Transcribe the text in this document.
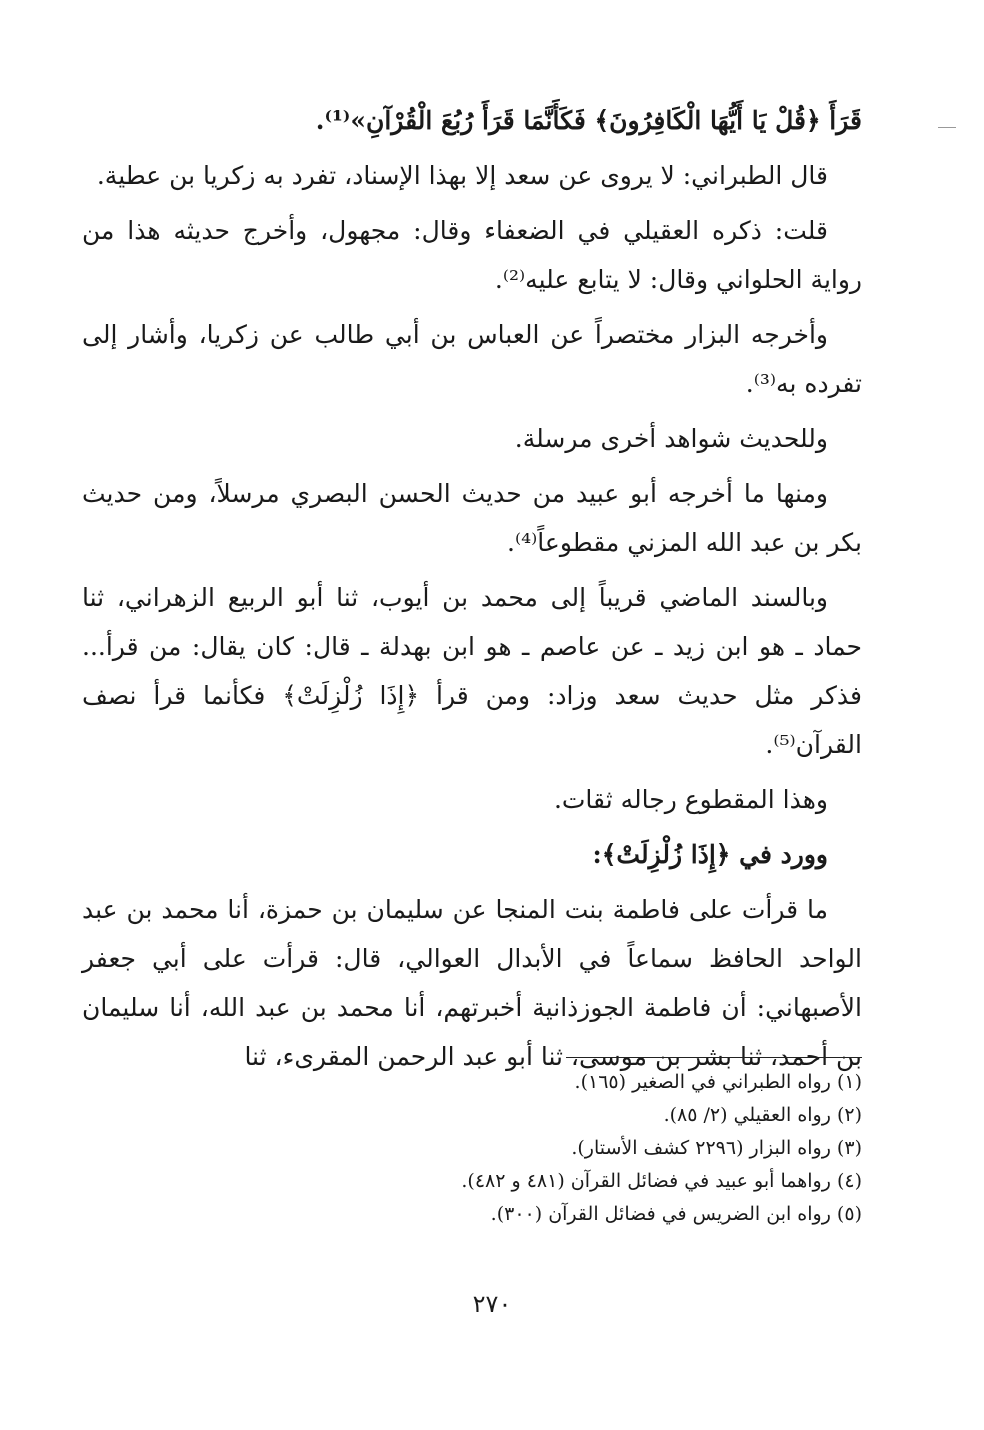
قَرَأَ ﴿قُلْ يَا أَيُّهَا الْكَافِرُونَ﴾ فَكَأَنَّمَا قَرَأَ رُبُعَ الْقُرْآنِ»⁽¹⁾.

قال الطبراني: لا يروى عن سعد إلا بهذا الإسناد، تفرد به زكريا بن عطية.

قلت: ذكره العقيلي في الضعفاء وقال: مجهول، وأخرج حديثه هذا من رواية الحلواني وقال: لا يتابع عليه⁽²⁾.

وأخرجه البزار مختصراً عن العباس بن أبي طالب عن زكريا، وأشار إلى تفرده به⁽³⁾.

وللحديث شواهد أخرى مرسلة.

ومنها ما أخرجه أبو عبيد من حديث الحسن البصري مرسلاً، ومن حديث بكر بن عبد الله المزني مقطوعاً⁽⁴⁾.

وبالسند الماضي قريباً إلى محمد بن أيوب، ثنا أبو الربيع الزهراني، ثنا حماد ـ هو ابن زيد ـ عن عاصم ـ هو ابن بهدلة ـ قال: كان يقال: من قرأ... فذكر مثل حديث سعد وزاد: ومن قرأ ﴿إِذَا زُلْزِلَتْ﴾ فكأنما قرأ نصف القرآن⁽⁵⁾.

وهذا المقطوع رجاله ثقات.

وورد في ﴿إِذَا زُلْزِلَتْ﴾:

ما قرأت على فاطمة بنت المنجا عن سليمان بن حمزة، أنا محمد بن عبد الواحد الحافظ سماعاً في الأبدال العوالي، قال: قرأت على أبي جعفر الأصبهاني: أن فاطمة الجوزذانية أخبرتهم، أنا محمد بن عبد الله، أنا سليمان بن أحمد، ثنا بشر بن موسى، ثنا أبو عبد الرحمن المقرىء، ثنا

(١) رواه الطبراني في الصغير (١٦٥).

(٢) رواه العقيلي (٢/ ٨٥).

(٣) رواه البزار (٢٢٩٦ كشف الأستار).

(٤) رواهما أبو عبيد في فضائل القرآن (٤٨١ و ٤٨٢).

(٥) رواه ابن الضريس في فضائل القرآن (٣٠٠).

٢٧٠
